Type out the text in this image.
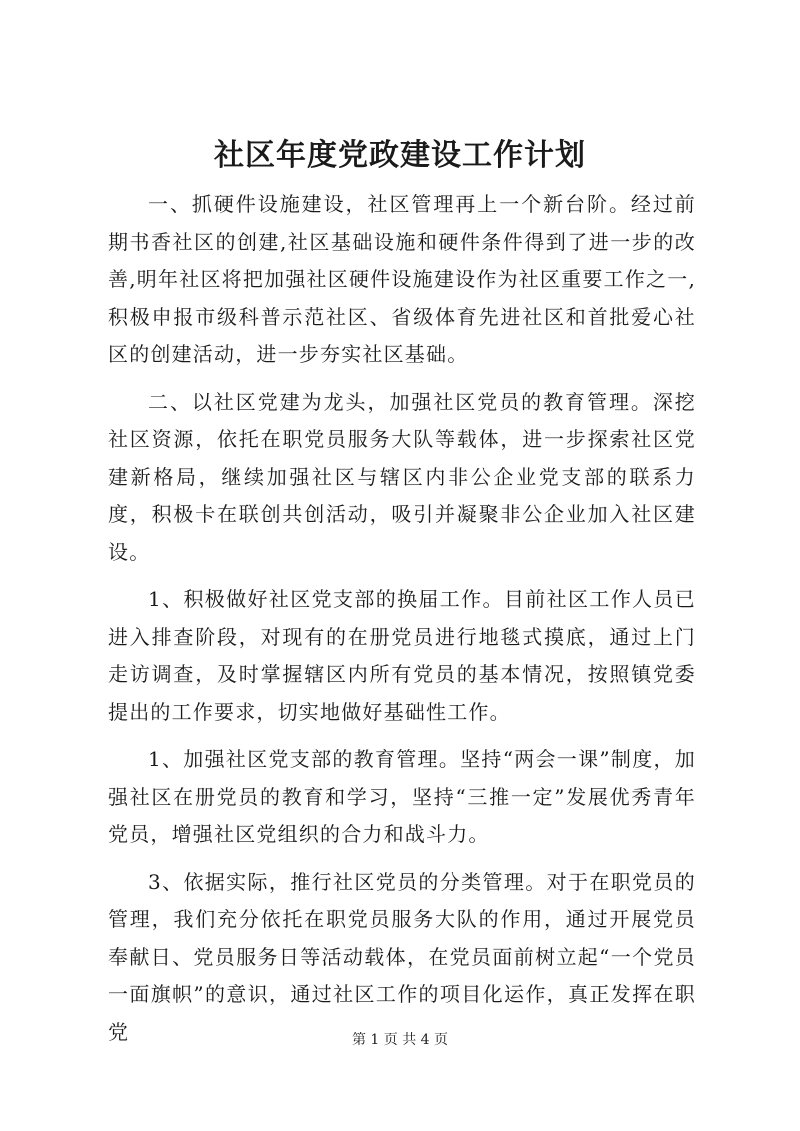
社区年度党政建设工作计划

一、抓硬件设施建设，社区管理再上一个新台阶。经过前期书香社区的创建,社区基础设施和硬件条件得到了进一步的改善,明年社区将把加强社区硬件设施建设作为社区重要工作之一,积极申报市级科普示范社区、省级体育先进社区和首批爱心社区的创建活动，进一步夯实社区基础。

二、以社区党建为龙头，加强社区党员的教育管理。深挖社区资源，依托在职党员服务大队等载体，进一步探索社区党建新格局，继续加强社区与辖区内非公企业党支部的联系力度，积极卡在联创共创活动，吸引并凝聚非公企业加入社区建设。

1、积极做好社区党支部的换届工作。目前社区工作人员已进入排查阶段，对现有的在册党员进行地毯式摸底，通过上门走访调查，及时掌握辖区内所有党员的基本情况，按照镇党委提出的工作要求，切实地做好基础性工作。

1、加强社区党支部的教育管理。坚持“两会一课”制度，加强社区在册党员的教育和学习，坚持“三推一定”发展优秀青年党员，增强社区党组织的合力和战斗力。

3、依据实际，推行社区党员的分类管理。对于在职党员的管理，我们充分依托在职党员服务大队的作用，通过开展党员奉献日、党员服务日等活动载体，在党员面前树立起“一个党员一面旗帜”的意识，通过社区工作的项目化运作，真正发挥在职党	第 1 页 共 4 页
